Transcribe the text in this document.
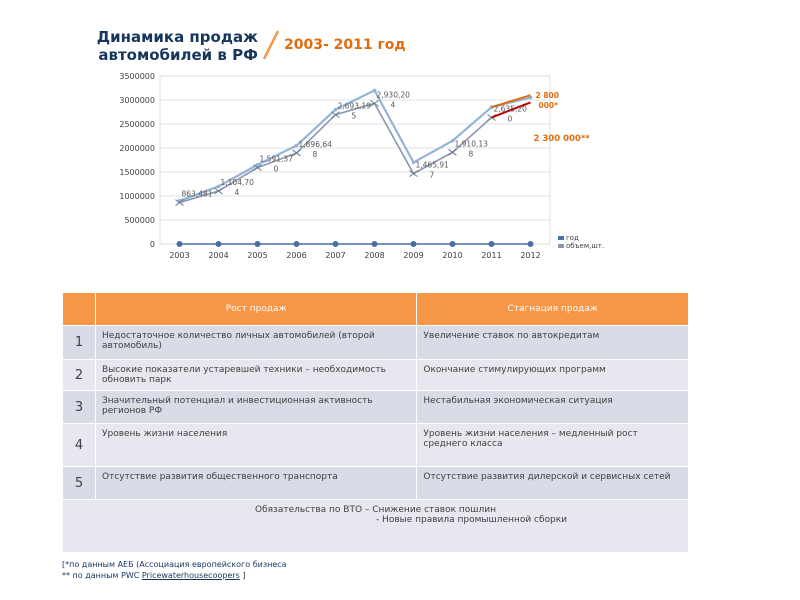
Динамика продаж
автомобилей в РФ
2003- 2011 год
0
500000
1000000
1500000
2000000
2500000
3000000
3500000
2003 2004 2005 2006 2007 2008 2009 2010 2011 2012
2 800
000*
2 300 000**
863,481
1,104,70
4
1,591,37
0
1,896,64
8
2,693,19
5
2,930,20
4
1,465,91
7
1,910,13
8
2,635,20
0
год
объем,шт.
	Рост продаж	Стагнация продаж
1	Недостаточное количество личных автомобилей (второй автомобиль)	Увеличение ставок по автокредитам
2	Высокие показатели устаревшей техники – необходимость обновить парк	Окончание стимулирующих программ
3	Значительный потенциал и инвестиционная активность регионов РФ	Нестабильная экономическая ситуация
4	Уровень жизни населения	Уровень жизни населения – медленный рост среднего класса
5	Отсутствие развития общественного транспорта	Отсутствие развития дилерской и сервисных сетей

Обязательства по ВТО – Снижение ставок пошлин
- Новые правила промышленной сборки		
[*по данным АЕБ (Ассоциация европейского бизнеса
** по данным PWC Pricewaterhousecoopers ]
